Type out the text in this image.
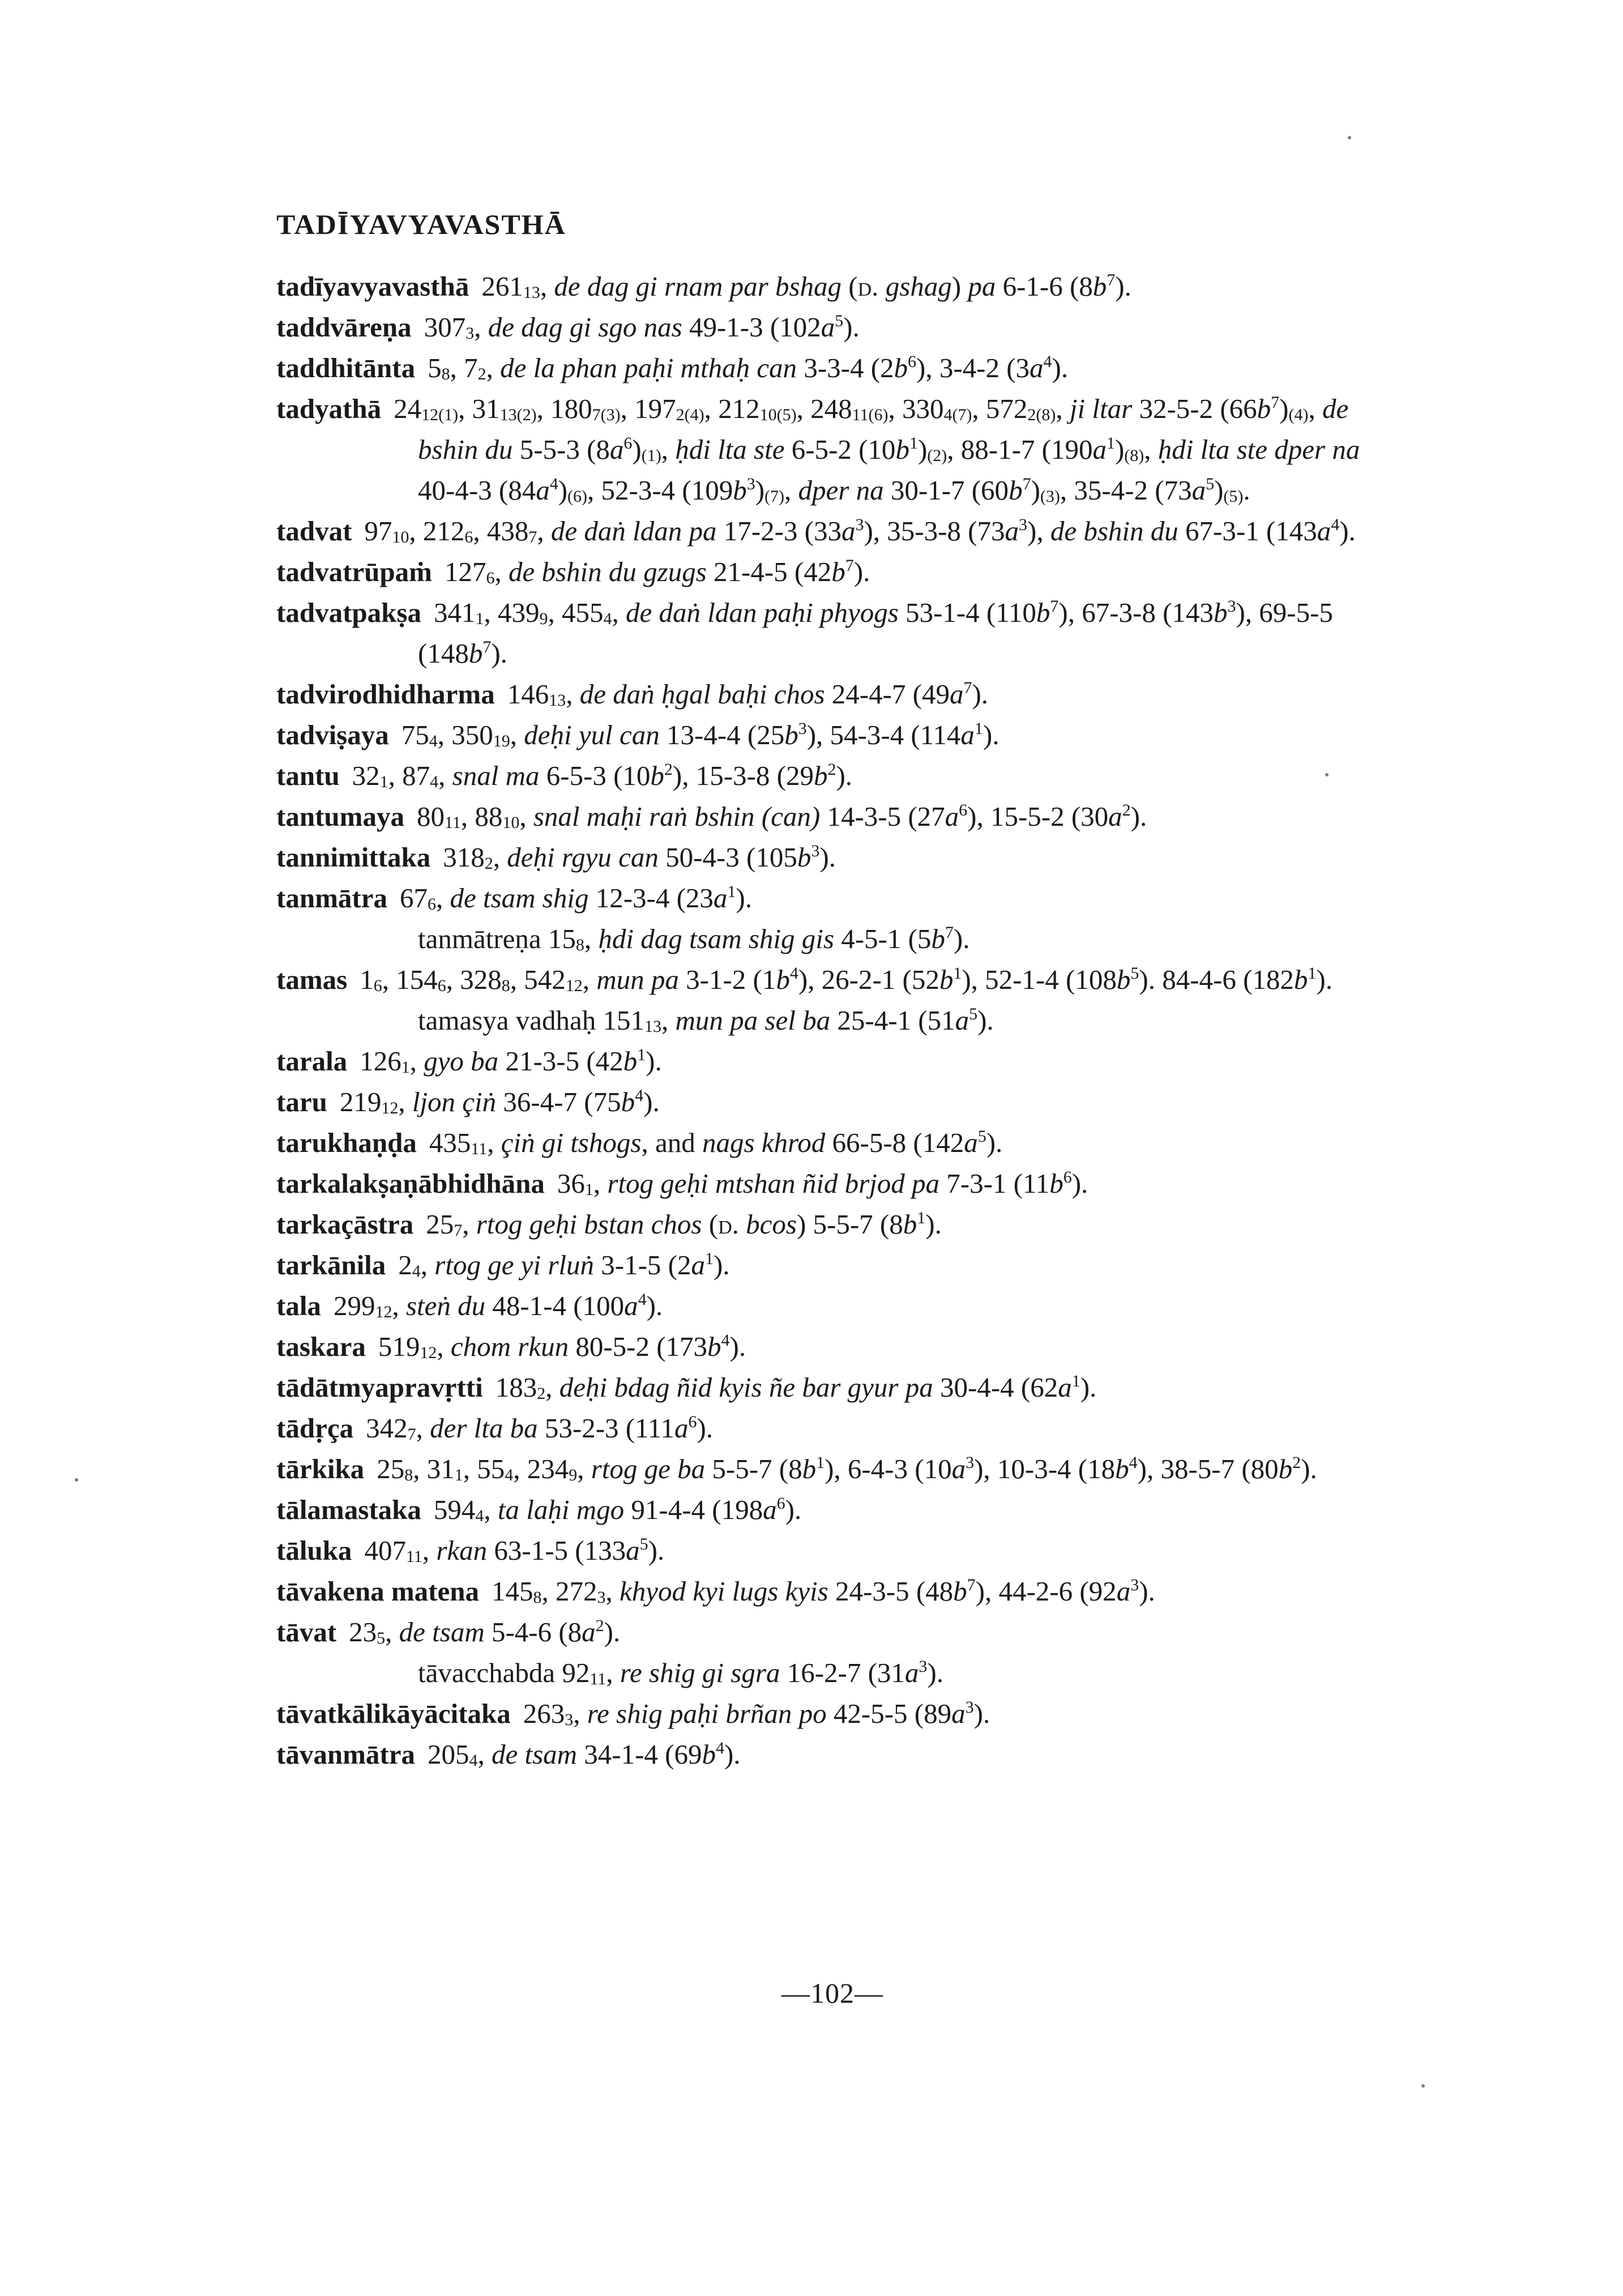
TADĪYAVYAVASTHĀ

tadīyavyavasthā $261_{13}$, de dag gi rnam par bshag (d. gshag) pa 6-1-6 (8b$^7$).

taddvāreṇa $307_3$, de dag gi sgo nas 49-1-3 (102a$^5$).

taddhitānta $5_8$, $7_2$, de la phan paḥi mthaḥ can 3-3-4 (2b$^6$), 3-4-2 (3a$^4$).

tadyathā $24_{12(1)}$, $31_{13(2)}$, $180_{7(3)}$, $197_{2(4)}$, $212_{10(5)}$, $248_{11(6)}$, $330_{4(7)}$, $572_{2(8)}$, ji ltar 32-5-2 $(66b^7)_{(4)}$, de bshin du 5-5-3 $(8a^6)_{(1)}$, ḥdi lta ste 6-5-2 $(10b^1)_{(2)}$, 88-1-7 $(190a^1)_{(8)}$, ḥdi lta ste dper na 40-4-3 $(84a^4)_{(6)}$, 52-3-4 $(109b^3)_{(7)}$, dper na 30-1-7 $(60b^7)_{(3)}$, 35-4-2 $(73a^5)_{(5)}$.

tadvat $97_{10}$, $212_6$, $438_7$, de daṅ ldan pa 17-2-3 (33a$^3$), 35-3-8 (73a$^3$), de bshin du 67-3-1 (143a$^4$).

tadvatrūpaṁ $127_6$, de bshin du gzugs 21-4-5 (42b$^7$).

tadvatpakṣa $341_1$, $439_9$, $455_4$, de daṅ ldan paḥi phyogs 53-1-4 (110b$^7$), 67-3-8 (143b$^3$), 69-5-5 (148b$^7$).

tadvirodhidharma $146_{13}$, de daṅ ḥgal baḥi chos 24-4-7 (49a$^7$).

tadviṣaya $75_4$, $350_{19}$, deḥi yul can 13-4-4 (25b$^3$), 54-3-4 (114a$^1$).

tantu $32_1$, $87_4$, snal ma 6-5-3 (10b$^2$), 15-3-8 (29b$^2$).

tantumaya $80_{11}$, $88_{10}$, snal maḥi raṅ bshin (can) 14-3-5 (27a$^6$), 15-5-2 (30a$^2$).

tannimittaka $318_2$, deḥi rgyu can 50-4-3 (105b$^3$).

tanmātra $67_6$, de tsam shig 12-3-4 (23a$^1$).

tanmātreṇa $15_8$, ḥdi dag tsam shig gis 4-5-1 (5b$^7$).

tamas $1_6$, $154_6$, $328_8$, $542_{12}$, mun pa 3-1-2 (1b$^4$), 26-2-1 (52b$^1$), 52-1-4 (108b$^5$). 84-4-6 (182b$^1$).

tamasya vadhaḥ $151_{13}$, mun pa sel ba 25-4-1 (51a$^5$).

tarala $126_1$, gyo ba 21-3-5 (42b$^1$).

taru $219_{12}$, ljon çiṅ 36-4-7 (75b$^4$).

tarukhaṇḍa $435_{11}$, çiṅ gi tshogs, and nags khrod 66-5-8 (142a$^5$).

tarkalakṣaṇābhidhāna $36_1$, rtog geḥi mtshan ñid brjod pa 7-3-1 (11b$^6$).

tarkaçāstra $25_7$, rtog geḥi bstan chos (d. bcos) 5-5-7 (8b$^1$).

tarkānila $2_4$, rtog ge yi rluṅ 3-1-5 (2a$^1$).

tala $299_{12}$, steṅ du 48-1-4 (100a$^4$).

taskara $519_{12}$, chom rkun 80-5-2 (173b$^4$).

tādātmyapravṛtti $183_2$, deḥi bdag ñid kyis ñe bar gyur pa 30-4-4 (62a$^1$).

tādṛça $342_7$, der lta ba 53-2-3 (111a$^6$).

tārkika $25_8$, $31_1$, $55_4$, $234_9$, rtog ge ba 5-5-7 (8b$^1$), 6-4-3 (10a$^3$), 10-3-4 (18b$^4$), 38-5-7 (80b$^2$).

tālamastaka $594_4$, ta laḥi mgo 91-4-4 (198a$^6$).

tāluka $407_{11}$, rkan 63-1-5 (133a$^5$).

tāvakena matena $145_8$, $272_3$, khyod kyi lugs kyis 24-3-5 (48b$^7$), 44-2-6 (92a$^3$).

tāvat $23_5$, de tsam 5-4-6 (8a$^2$).

tāvacchabda $92_{11}$, re shig gi sgra 16-2-7 (31a$^3$).

tāvatkālikāyācitaka $263_3$, re shig paḥi brñan po 42-5-5 (89a$^3$).

tāvanmātra $205_4$, de tsam 34-1-4 (69b$^4$).

—102—
